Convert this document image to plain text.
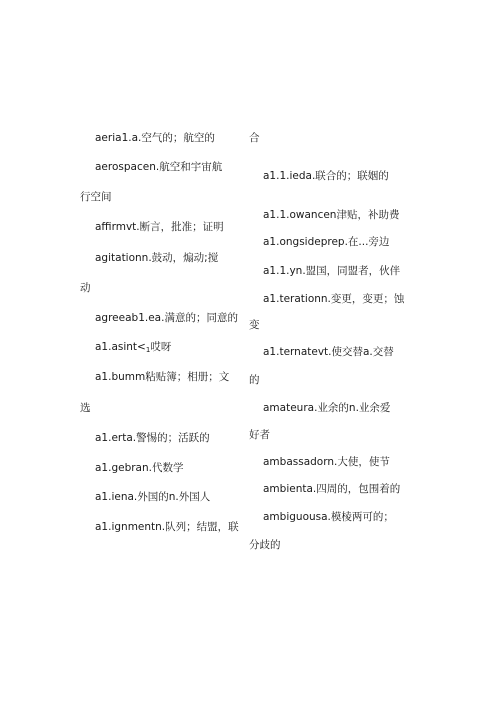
aeria1.a.空气的；航空的
aerospacen.航空和宇宙航
行空间
affirmvt.断言，批准；证明
agitationn.鼓动，煽动;搅
动
agreeab1.ea.满意的；同意的
$a1.asint<_1$哎呀
a1.bumm粘贴簿；相册；文
选
a1.erta.警惕的；活跃的
a1.gebran.代数学
a1.iena.外国的n.外国人
a1.ignmentn.队列；结盟，联
合
a1.1.ieda.联合的；联姻的
a1.1.owancen津贴，补助费
a1.ongsideprep.在...旁边
a1.1.yn.盟国，同盟者，伙伴
a1.terationn.变更，变更；蚀
变
a1.ternatevt.使交替a.交替
的
amateura.业余的n.业余爱
好者
ambassadorn.大使，使节
ambienta.四周的，包围着的
ambiguousa.模棱两可的；
分歧的
